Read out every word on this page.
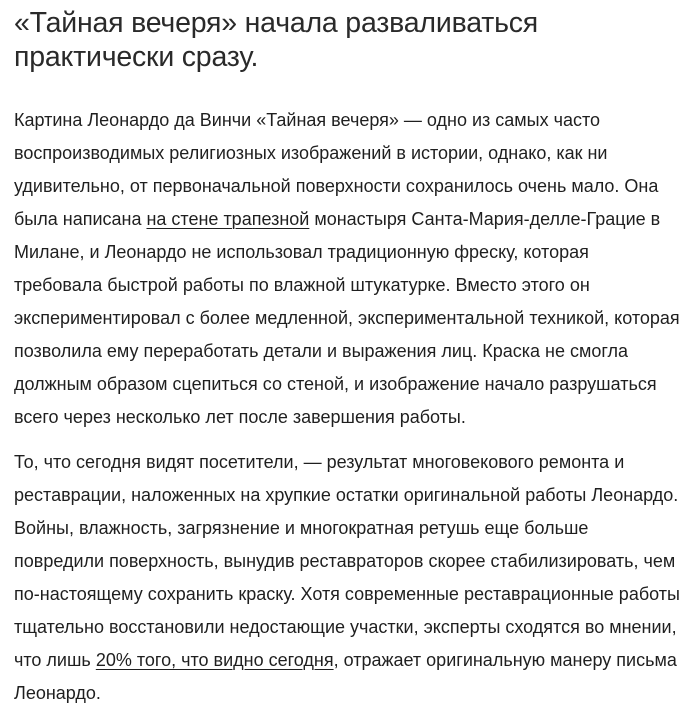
«Тайная вечеря» начала разваливаться практически сразу.

Картина Леонардо да Винчи «Тайная вечеря» — одно из самых часто воспроизводимых религиозных изображений в истории, однако, как ни удивительно, от первоначальной поверхности сохранилось очень мало. Она была написана на стене трапезной монастыря Санта-Мария-делле-Грацие в Милане, и Леонардо не использовал традиционную фреску, которая требовала быстрой работы по влажной штукатурке. Вместо этого он экспериментировал с более медленной, экспериментальной техникой, которая позволила ему переработать детали и выражения лиц. Краска не смогла должным образом сцепиться со стеной, и изображение начало разрушаться всего через несколько лет после завершения работы.

То, что сегодня видят посетители, — результат многовекового ремонта и реставрации, наложенных на хрупкие остатки оригинальной работы Леонардо. Войны, влажность, загрязнение и многократная ретушь еще больше повредили поверхность, вынудив реставраторов скорее стабилизировать, чем по-настоящему сохранить краску. Хотя современные реставрационные работы тщательно восстановили недостающие участки, эксперты сходятся во мнении, что лишь 20% того, что видно сегодня, отражает оригинальную манеру письма Леонардо.
